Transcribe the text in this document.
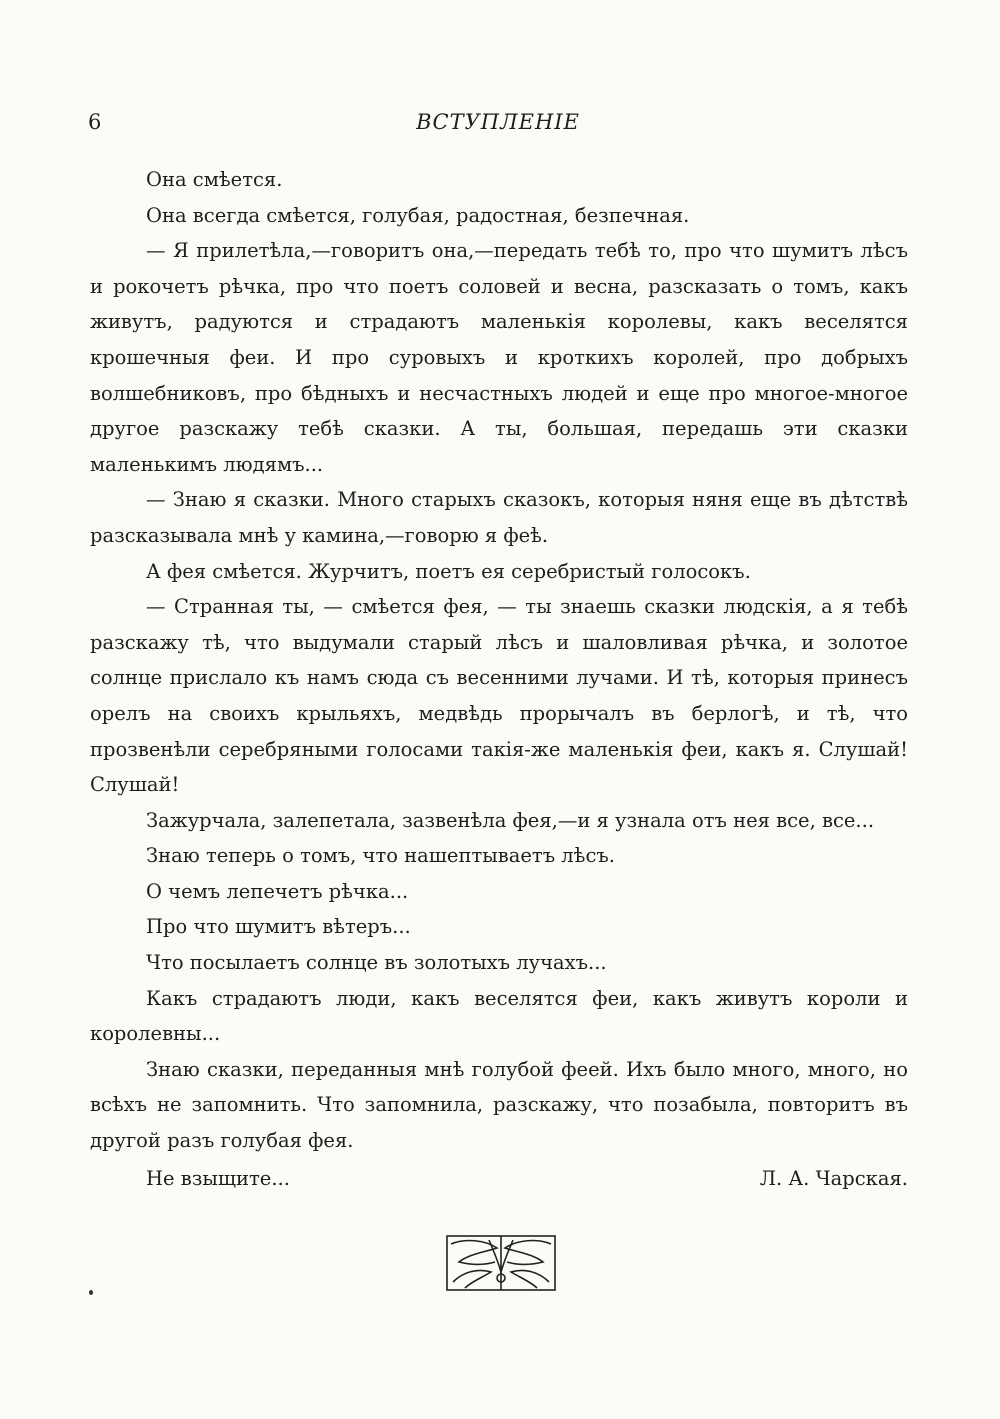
6	ВСТУПЛЕНІЕ

Она смѣется.

Она всегда смѣется, голубая, радостная, безпечная.

— Я прилетѣла,—говоритъ она,—передать тебѣ то, про что шумитъ лѣсъ и рокочетъ рѣчка, про что поетъ соловей и весна, разсказать о томъ, какъ живутъ, радуются и страдаютъ маленькія королевы, какъ веселятся крошечныя феи. И про суровыхъ и кроткихъ королей, про добрыхъ волшебниковъ, про бѣдныхъ и несчастныхъ людей и еще про многое-многое другое разскажу тебѣ сказки. А ты, большая, передашь эти сказки маленькимъ людямъ...

— Знаю я сказки. Много старыхъ сказокъ, которыя няня еще въ дѣтствѣ разсказывала мнѣ у камина,—говорю я феѣ.

А фея смѣется. Журчитъ, поетъ ея серебристый голосокъ.

— Странная ты, — смѣется фея, — ты знаешь сказки людскія, а я тебѣ разскажу тѣ, что выдумали старый лѣсъ и шаловливая рѣчка, и золотое солнце прислало къ намъ сюда съ весенними лучами. И тѣ, которыя принесъ орелъ на своихъ крыльяхъ, медвѣдь прорычалъ въ берлогѣ, и тѣ, что прозвенѣли серебряными голосами такія-же маленькія феи, какъ я. Слушай! Слушай!

Зажурчала, залепетала, зазвенѣла фея,—и я узнала отъ нея все, все...

Знаю теперь о томъ, что нашептываетъ лѣсъ.

О чемъ лепечетъ рѣчка...

Про что шумитъ вѣтеръ...

Что посылаетъ солнце въ золотыхъ лучахъ...

Какъ страдаютъ люди, какъ веселятся феи, какъ живутъ короли и королевны...

Знаю сказки, переданныя мнѣ голубой феей. Ихъ было много, много, но всѣхъ не запомнить. Что запомнила, разскажу, что позабыла, повторитъ въ другой разъ голубая фея.

Не взыщите...	Л. А. Чарская.
